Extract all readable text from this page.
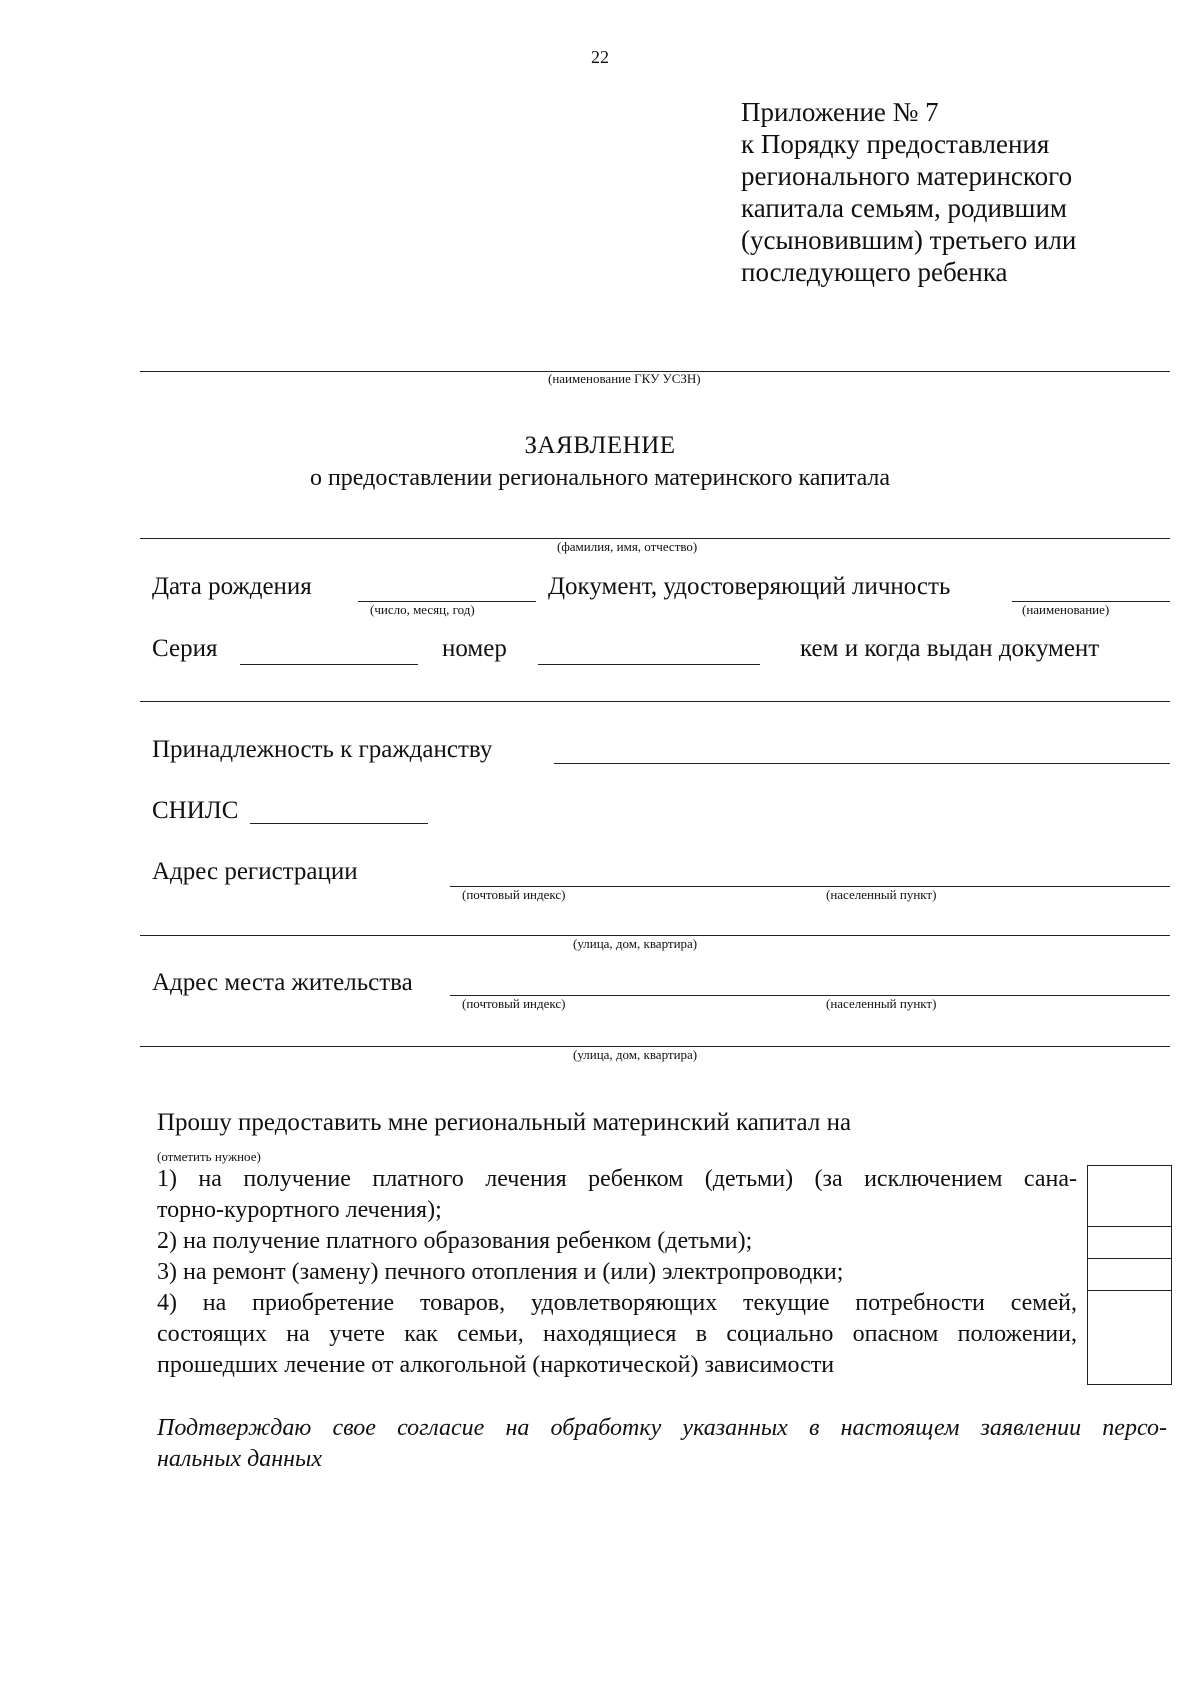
22
Приложение № 7
к Порядку предоставления
регионального материнского
капитала семьям, родившим
(усыновившим) третьего или
последующего ребенка
(наименование ГКУ УСЗН)
ЗАЯВЛЕНИЕ
о предоставлении регионального материнского капитала
(фамилия, имя, отчество)
Дата рождения
(число, месяц, год)
Документ, удостоверяющий личность
(наименование)
Серия	номер	кем и когда выдан документ
Принадлежность к гражданству
СНИЛС
Адрес регистрации
(почтовый индекс)	(населенный пункт)
(улица, дом, квартира)
Адрес места жительства
(почтовый индекс)	(населенный пункт)
(улица, дом, квартира)
Прошу предоставить мне региональный материнский капитал на
(отметить нужное)
1) на получение платного лечения ребенком (детьми) (за исключением сана-
торно-курортного лечения);
2) на получение платного образования ребенком (детьми);
3) на ремонт (замену) печного отопления и (или) электропроводки;
4) на приобретение товаров, удовлетворяющих текущие потребности семей,
состоящих на учете как семьи, находящиеся в социально опасном положении,
прошедших лечение от алкогольной (наркотической) зависимости
Подтверждаю свое согласие на обработку указанных в настоящем заявлении персо-
нальных данных
